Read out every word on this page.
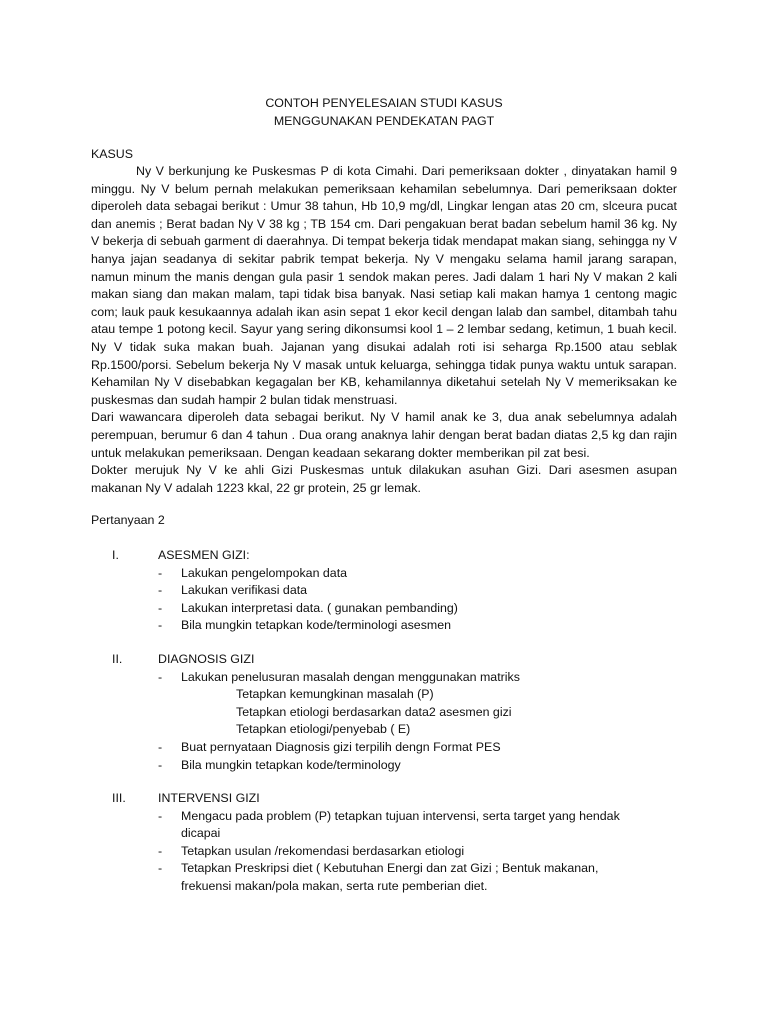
CONTOH PENYELESAIAN STUDI KASUS
MENGGUNAKAN PENDEKATAN PAGT
KASUS

Ny V berkunjung ke Puskesmas P di kota Cimahi. Dari pemeriksaan dokter , dinyatakan hamil 9 minggu. Ny V belum pernah melakukan pemeriksaan kehamilan sebelumnya. Dari pemeriksaan dokter diperoleh data sebagai berikut : Umur 38 tahun, Hb 10,9 mg/dl, Lingkar lengan atas 20 cm, slceura pucat dan anemis ; Berat badan Ny V 38 kg ; TB 154 cm. Dari pengakuan berat badan sebelum hamil 36 kg. Ny V bekerja di sebuah garment di daerahnya. Di tempat bekerja tidak mendapat makan siang, sehingga ny V hanya jajan seadanya di sekitar pabrik tempat bekerja. Ny V mengaku selama hamil jarang sarapan, namun minum the manis dengan gula pasir 1 sendok makan peres. Jadi dalam 1 hari Ny V makan 2 kali makan siang dan makan malam, tapi tidak bisa banyak. Nasi setiap kali makan hamya 1 centong magic com; lauk pauk kesukaannya adalah ikan asin sepat 1 ekor kecil dengan lalab dan sambel, ditambah tahu atau tempe 1 potong kecil. Sayur yang sering dikonsumsi kool 1 – 2 lembar sedang, ketimun, 1 buah kecil. Ny V tidak suka makan buah. Jajanan yang disukai adalah roti isi seharga Rp.1500 atau seblak Rp.1500/porsi. Sebelum bekerja Ny V masak untuk keluarga, sehingga tidak punya waktu untuk sarapan. Kehamilan Ny V disebabkan kegagalan ber KB, kehamilannya diketahui setelah Ny V memeriksakan ke puskesmas dan sudah hampir 2 bulan tidak menstruasi.

Dari wawancara diperoleh data sebagai berikut. Ny V hamil anak ke 3, dua anak sebelumnya adalah perempuan, berumur 6 dan 4 tahun . Dua orang anaknya lahir dengan berat badan diatas 2,5 kg dan rajin untuk melakukan pemeriksaan. Dengan keadaan sekarang dokter memberikan pil zat besi.

Dokter merujuk Ny V ke ahli Gizi Puskesmas untuk dilakukan asuhan Gizi. Dari asesmen asupan makanan Ny V adalah 1223 kkal, 22 gr protein, 25 gr lemak.

Pertanyaan 2
I.	ASESMEN GIZI:
- Lakukan pengelompokan data
- Lakukan verifikasi data
- Lakukan interpretasi data. ( gunakan pembanding)
- Bila mungkin tetapkan kode/terminologi asesmen
II.	DIAGNOSIS GIZI
- Lakukan penelusuran masalah dengan menggunakan matriks
Tetapkan kemungkinan masalah (P)
Tetapkan etiologi berdasarkan data2 asesmen gizi
Tetapkan etiologi/penyebab ( E)
- Buat pernyataan Diagnosis gizi terpilih dengn Format PES
- Bila mungkin tetapkan kode/terminology
III.	INTERVENSI GIZI
- Mengacu pada problem (P) tetapkan tujuan intervensi, serta target yang hendak dicapai
- Tetapkan usulan /rekomendasi berdasarkan etiologi
- Tetapkan Preskripsi diet ( Kebutuhan Energi dan zat Gizi ; Bentuk makanan, frekuensi makan/pola makan, serta rute pemberian diet.
